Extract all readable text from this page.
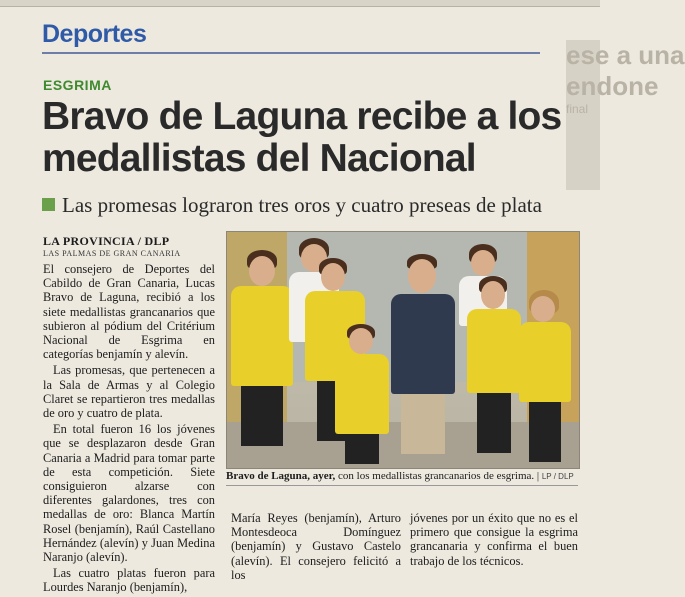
Deportes
ese a una
endone
final
ESGRIMA
Bravo de Laguna recibe a los medallistas del Nacional
Las promesas lograron tres oros y cuatro preseas de plata
LA PROVINCIA / DLP
LAS PALMAS DE GRAN CANARIA

El consejero de Deportes del Cabildo de Gran Canaria, Lucas Bravo de Laguna, recibió a los siete medallistas grancanarios que subieron al pódium del Critérium Nacional de Esgrima en categorías benjamín y alevín.

Las promesas, que pertenecen a la Sala de Armas y al Colegio Claret se repartieron tres medallas de oro y cuatro de plata.

En total fueron 16 los jóvenes que se desplazaron desde Gran Canaria a Madrid para tomar parte de esta competición. Siete consiguieron alzarse con diferentes galardones, tres con medallas de oro: Blanca Martín Rosel (benjamín), Raúl Castellano Hernández (alevín) y Juan Medina Naranjo (alevín).

Las cuatro platas fueron para Lourdes Naranjo (benjamín),

Bravo de Laguna, ayer, con los medallistas grancanarios de esgrima. | LP / DLP

María Reyes (benjamín), Arturo Montesdeoca Domínguez (benjamín) y Gustavo Castelo (alevín). El consejero felicitó a los

jóvenes por un éxito que no es el primero que consigue la esgrima grancanaria y confirma el buen trabajo de los técnicos.
